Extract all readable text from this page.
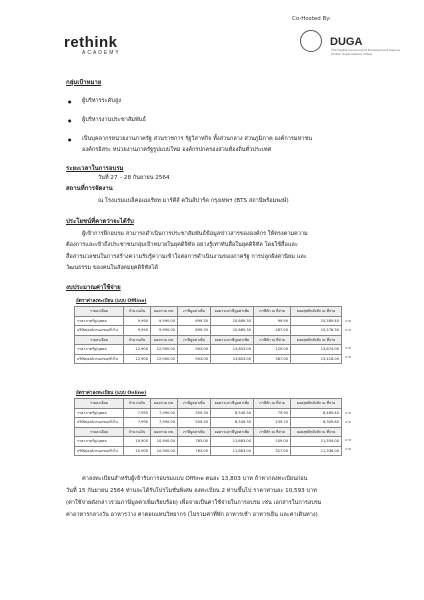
rethink
ACADEMY
Co-Hosted By:
DUGA
The Digital Government Development Agency (Public Organization) (DGA)
กลุ่มเป้าหมาย
● ผู้บริหารระดับสูง
● ผู้บริหารงานประชาสัมพันธ์
● เป็นบุคลากรหน่วยงานภาครัฐ ส่วนราชการ รัฐวิสาหกิจ ทั้งส่วนกลาง ส่วนภูมิภาค องค์การมหาชน
องค์กรอิสระ หน่วยงานภาครัฐรูปแบบใหม่ องค์กรปกครองส่วนท้องถิ่นทั่วประเทศ
ระยะเวลาในการอบรม
วันที่ 27 – 28 กันยายน 2564
สถานที่การจัดงาน
ณ โรงแรมแบล็คอแมเรียท มาร์คีส์ ควีนส์ปาร์ค กรุงเทพฯ (BTS สถานีพร้อมพงษ์)
ประโยชน์ที่คาดว่าจะได้รับ
ผู้เข้าการฝึกอบรม สามารถดำเนินการประชาสัมพันธ์ข้อมูลข่าวสารขององค์กร ให้ตรงตามความ
ต้องการและเข้าถึงประชาชนกลุ่มเป้าหมายในยุคดิจิทัล อย่างรู้เท่าทันสื่อในยุคดิจิทัล โดยใช้สื่อและ
สื่อสารมวลชนในการสร้างความรับรู้ความเข้าใจต่อการดำเนินงานของภาครัฐ การปลูกฝังค่านิยม และ
วัฒนธรรม ของคนในสังคมยุคดิจิทัลได้
งบประมาณค่าใช้จ่าย
อัตราค่าลงทะเบียน (แบบ Offline)
รายละเอียด	จำนวนเงิน	ยอดรวม บท.	ภาษีมูลค่าเพิ่ม	ยอดรวมภาษีมูลค่าเพิ่ม	ภาษีหัก ณ ที่จ่าย	ยอดสุทธิหลังหัก ณ ที่จ่าย
ราคาภาครัฐ/บุคคล	9,990	9,990.00	699.30	10,689.30	99.90	10,589.40
บริษัท/องค์กรเอกชน/ทั่วไป	9,990	9,990.00	699.30	10,689.30	287.00	10,276.30
รายละเอียด	จำนวนเงิน	ยอดรวม บท.	ภาษีมูลค่าเพิ่ม	ยอดรวมภาษีมูลค่าเพิ่ม	ภาษีหัก ณ ที่จ่าย	ยอดสุทธิหลังหัก ณ ที่จ่าย
ราคาภาครัฐ/บุคคล	12,900	12,900.00	903.00	13,803.00	129.00	13,674.00
บริษัท/องค์กรเอกชน/ทั่วไป	12,900	12,900.00	903.00	13,803.00	387.00	13,416.00
บาท
บาท
บาท
บาท
อัตราค่าลงทะเบียน (แบบ Online)
รายละเอียด	จำนวนเงิน	ยอดรวม บท.	ภาษีมูลค่าเพิ่ม	ยอดรวมภาษีมูลค่าเพิ่ม	ภาษีหัก ณ ที่จ่าย	ยอดสุทธิหลังหัก ณ ที่จ่าย
ราคาภาครัฐ/บุคคล	7,990	7,990.00	559.30	8,549.30	79.90	8,469.40
บริษัท/องค์กรเอกชน/ทั่วไป	7,990	7,990.00	559.30	8,549.30	239.70	8,309.60
รายละเอียด	จำนวนเงิน	ยอดรวม บท.	ภาษีมูลค่าเพิ่ม	ยอดรวมภาษีมูลค่าเพิ่ม	ภาษีหัก ณ ที่จ่าย	ยอดสุทธิหลังหัก ณ ที่จ่าย
ราคาภาครัฐ/บุคคล	10,900	10,900.00	763.00	11,663.00	109.00	11,554.00
บริษัท/องค์กรเอกชน/ทั่วไป	10,900	10,900.00	763.00	11,663.00	327.00	11,336.00
บาท
บาท
บาท
บาท
ค่าลงทะเบียนสำหรับผู้เข้ารับการอบรมแบบ Offline ตนละ 13,803 บาท ถ้าหากลงทะเบียนก่อน
วันที่ 15 กันยายน 2564 ท่านจะได้รับโปรโมชั่นพิเศษ ลงทะเบียน 2 ท่านขึ้นไป ราคาท่านละ 10,593 บาท
(ค่าใช้จ่ายดังกล่าวรวมภาษีมูลค่าเพิ่มเรียบร้อย) เพื่อจ่ายเป็นค่าใช้จ่ายในการอบรม เช่น เอกสารในการอบรม
ค่าอาหารกลางวัน อาหารว่าง ค่าตอบแทนวิทยากร (ไม่รวมค่าที่พัก อาหารเช้า อาหารเย็น และค่าเดินทาง)
